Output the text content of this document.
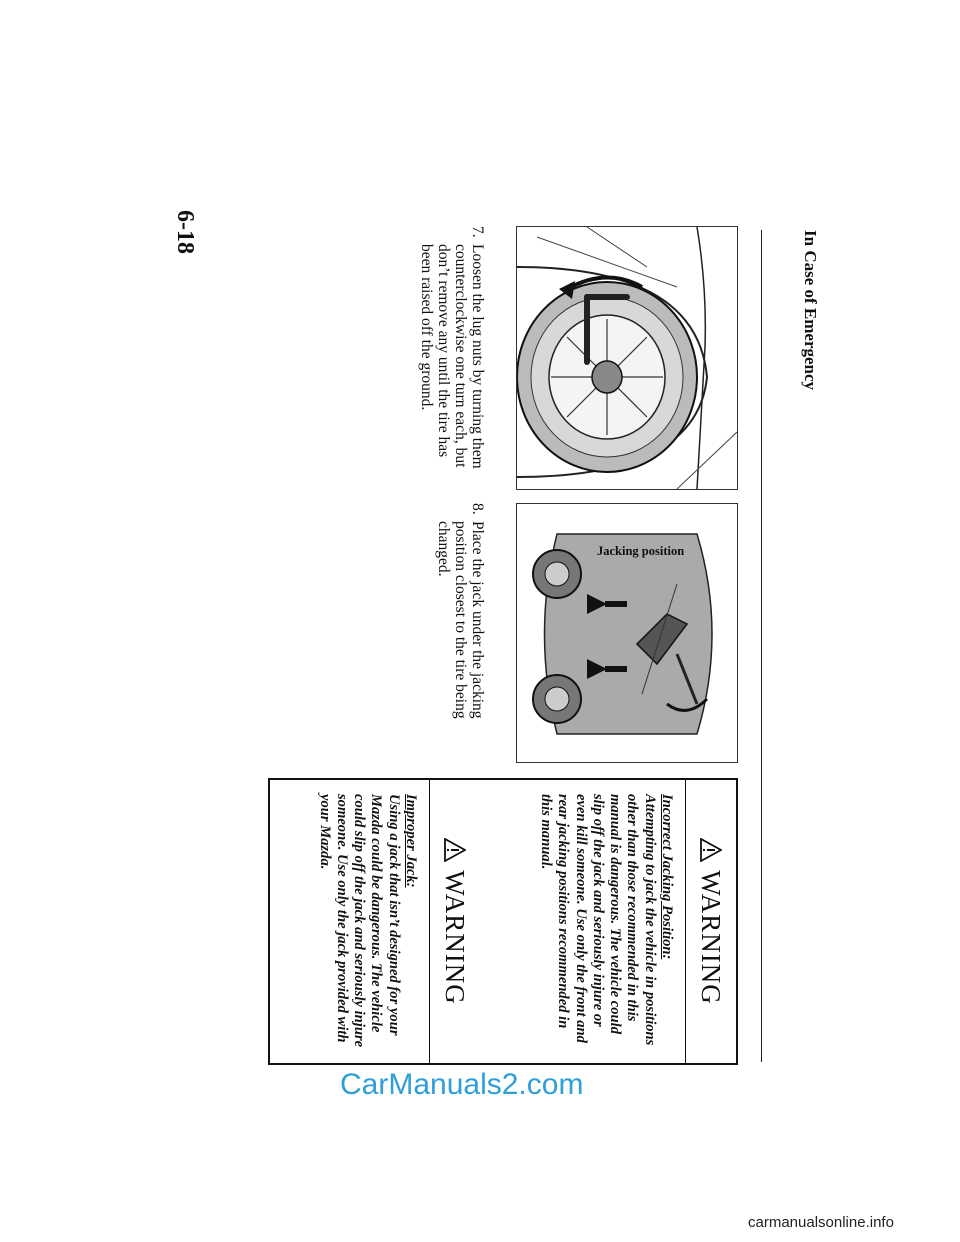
In Case of Emergency
Jacking position
7.
Loosen the lug nuts by turning them counterclockwise one turn each, but don’t remove any until the tire has been raised off the ground.
8.
Place the jack under the jacking position closest to the tire being changed.
WARNING
Incorrect Jacking Position:
Attempting to jack the vehicle in positions other than those recommended in this manual is dangerous. The vehicle could slip off the jack and seriously injure or even kill someone. Use only the front and rear jacking positions recommended in this manual.
WARNING
Improper Jack:
Using a jack that isn’t designed for your Mazda could be dangerous. The vehicle could slip off the jack and seriously injure someone. Use only the jack provided with your Mazda.
6-18
CarManuals2.com
carmanualsonline.info
